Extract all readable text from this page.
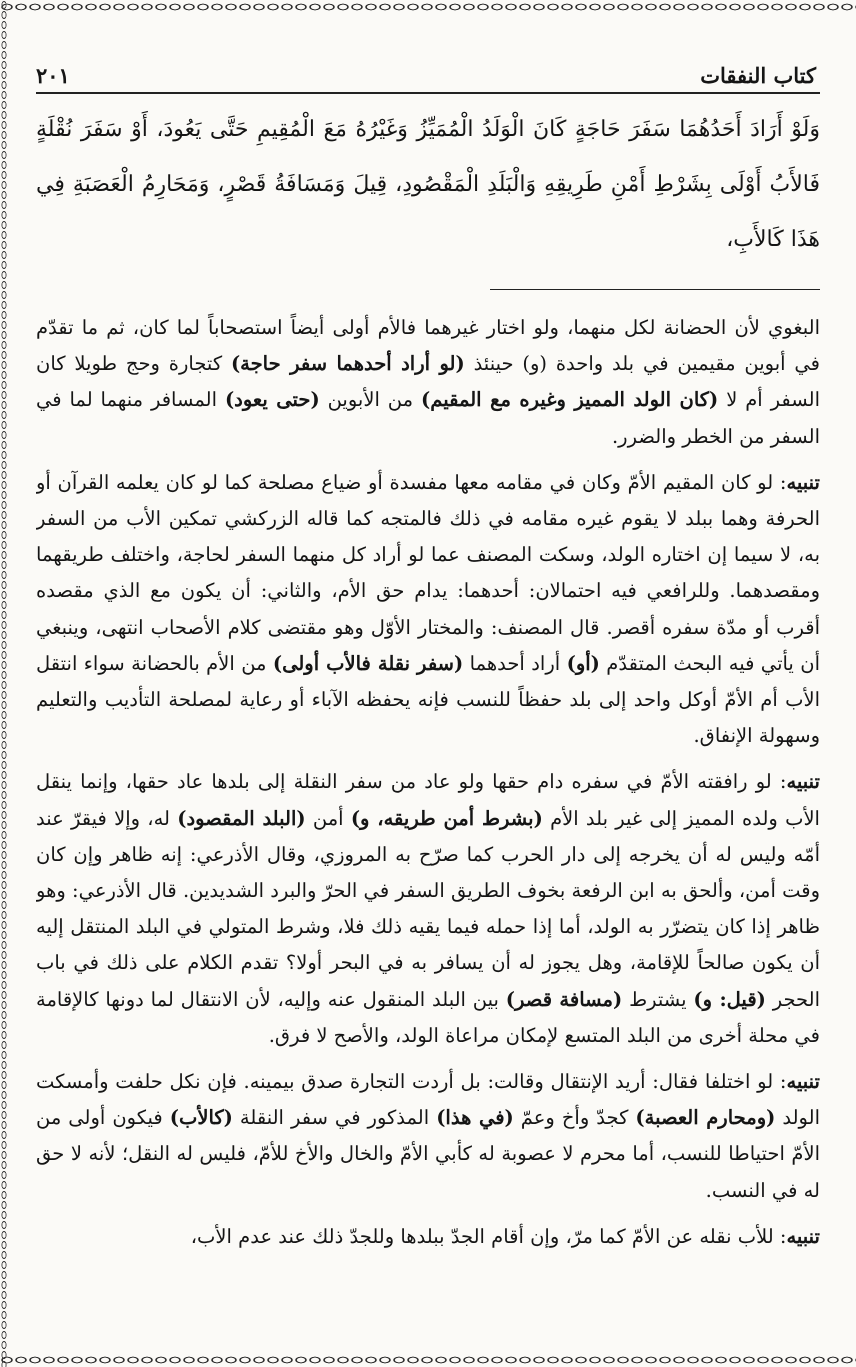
كتاب النفقات
٢٠١

وَلَوْ أَرَادَ أَحَدُهُمَا سَفَرَ حَاجَةٍ كَانَ الْوَلَدُ الْمُمَيِّزُ وَغَيْرُهُ مَعَ الْمُقِيمِ حَتَّى يَعُودَ، أَوْ سَفَرَ نُقْلَةٍ فَالأَبُ أَوْلَى بِشَرْطِ أَمْنِ طَرِيقِهِ وَالْبَلَدِ الْمَقْصُودِ، قِيلَ وَمَسَافَةُ قَصْرٍ، وَمَحَارِمُ الْعَصَبَةِ فِي هَذَا كَالأَبِ،

البغوي لأن الحضانة لكل منهما، ولو اختار غيرهما فالأم أولى أيضاً استصحاباً لما كان، ثم ما تقدّم في أبوين مقيمين في بلد واحدة (و) حينئذ (لو أراد أحدهما سفر حاجة) كتجارة وحج طويلا كان السفر أم لا (كان الولد المميز وغيره مع المقيم) من الأبوين (حتى يعود) المسافر منهما لما في السفر من الخطر والضرر.

تنبيه: لو كان المقيم الأمّ وكان في مقامه معها مفسدة أو ضياع مصلحة كما لو كان يعلمه القرآن أو الحرفة وهما ببلد لا يقوم غيره مقامه في ذلك فالمتجه كما قاله الزركشي تمكين الأب من السفر به، لا سيما إن اختاره الولد، وسكت المصنف عما لو أراد كل منهما السفر لحاجة، واختلف طريقهما ومقصدهما. وللرافعي فيه احتمالان: أحدهما: يدام حق الأم، والثاني: أن يكون مع الذي مقصده أقرب أو مدّة سفره أقصر. قال المصنف: والمختار الأوّل وهو مقتضى كلام الأصحاب انتهى، وينبغي أن يأتي فيه البحث المتقدّم (أو) أراد أحدهما (سفر نقلة فالأب أولى) من الأم بالحضانة سواء انتقل الأب أم الأمّ أوكل واحد إلى بلد حفظاً للنسب فإنه يحفظه الآباء أو رعاية لمصلحة التأديب والتعليم وسهولة الإنفاق.

تنبيه: لو رافقته الأمّ في سفره دام حقها ولو عاد من سفر النقلة إلى بلدها عاد حقها، وإنما ينقل الأب ولده المميز إلى غير بلد الأم (بشرط أمن طريقه، و) أمن (البلد المقصود) له، وإلا فيقرّ عند أمّه وليس له أن يخرجه إلى دار الحرب كما صرّح به المروزي، وقال الأذرعي: إنه ظاهر وإن كان وقت أمن، وألحق به ابن الرفعة بخوف الطريق السفر في الحرّ والبرد الشديدين. قال الأذرعي: وهو ظاهر إذا كان يتضرّر به الولد، أما إذا حمله فيما يقيه ذلك فلا، وشرط المتولي في البلد المنتقل إليه أن يكون صالحاً للإقامة، وهل يجوز له أن يسافر به في البحر أولا؟ تقدم الكلام على ذلك في باب الحجر (قيل: و) يشترط (مسافة قصر) بين البلد المنقول عنه وإليه، لأن الانتقال لما دونها كالإقامة في محلة أخرى من البلد المتسع لإمكان مراعاة الولد، والأصح لا فرق.

تنبيه: لو اختلفا فقال: أريد الإنتقال وقالت: بل أردت التجارة صدق بيمينه. فإن نكل حلفت وأمسكت الولد (ومحارم العصبة) كجدّ وأخ وعمّ (في هذا) المذكور في سفر النقلة (كالأب) فيكون أولى من الأمّ احتياطا للنسب، أما محرم لا عصوبة له كأبي الأمّ والخال والأخ للأمّ، فليس له النقل؛ لأنه لا حق له في النسب.

تنبيه: للأب نقله عن الأمّ كما مرّ، وإن أقام الجدّ ببلدها وللجدّ ذلك عند عدم الأب،
